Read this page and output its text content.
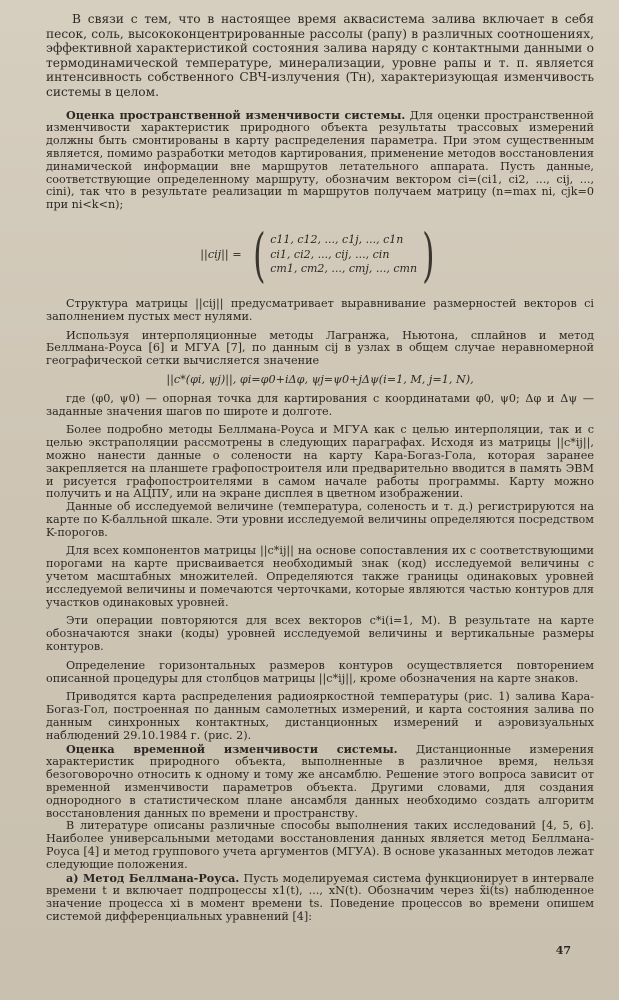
В связи с тем, что в настоящее время аквасистема залива включает в себя песок, соль, высококонцентрированные рассолы (рапу) в различных соотношениях, эффективной характеристикой состояния залива наряду с контактными данными о термодинамической температуре, минерализации, уровне рапы и т. п. является интенсивность собственного СВЧ-излучения (Tн), характеризующая изменчивость системы в целом.

Оценка пространственной изменчивости системы. Для оценки пространственной изменчивости характеристик природного объекта результаты трассовых измерений должны быть смонтированы в карту распределения параметра. При этом существенным является, помимо разработки методов картирования, применение методов восстановления динамической информации вне маршрутов летательного аппарата. Пусть данные, соответствующие определенному маршруту, обозначим вектором ci=(ci1, ci2, ..., cij, ..., cini), так что в результате реализации m маршрутов получаем матрицу (n=max ni, cjk=0 при ni<k<n);

||cij|| = ( c11, c12, ..., c1j, ..., c1n
ci1, ci2, ..., cij, ..., cin
cm1, cm2, ..., cmj, ..., cmn )

Структура матрицы ||cij|| предусматривает выравнивание размерностей векторов ci заполнением пустых мест нулями.

Используя интерполяционные методы Лагранжа, Ньютона, сплайнов и метод Беллмана-Роуса [6] и МГУА [7], по данным cij в узлах в общем случае неравномерной географической сетки вычисляется значение

||c*(φi, ψj)||, φi=φ0+iΔφ, ψj=ψ0+jΔψ(i=1, M, j=1, N),

где (φ0, ψ0) — опорная точка для картирования с координатами φ0, ψ0; Δφ и Δψ — заданные значения шагов по широте и долготе.

Более подробно методы Беллмана-Роуса и МГУА как с целью интерполяции, так и с целью экстраполяции рассмотрены в следующих параграфах. Исходя из матрицы ||c*ij||, можно нанести данные о солености на карту Кара-Богаз-Гола, которая заранее закрепляется на планшете графопостроителя или предварительно вводится в память ЭВМ и рисуется графопостроителями в самом начале работы программы. Карту можно получить и на АЦПУ, или на экране дисплея в цветном изображении.

Данные об исследуемой величине (температура, соленость и т. д.) регистрируются на карте по K-балльной шкале. Эти уровни исследуемой величины определяются посредством K-порогов.

Для всех компонентов матрицы ||c*ij|| на основе сопоставления их с соответствующими порогами на карте присваивается необходимый знак (код) исследуемой величины с учетом масштабных множителей. Определяются также границы одинаковых уровней исследуемой величины и помечаются черточками, которые являются частью контуров для участков одинаковых уровней.

Эти операции повторяются для всех векторов c*i(i=1, M). В результате на карте обозначаются знаки (коды) уровней исследуемой величины и вертикальные размеры контуров.

Определение горизонтальных размеров контуров осуществляется повторением описанной процедуры для столбцов матрицы ||c*ij||, кроме обозначения на карте знаков.

Приводятся карта распределения радиояркостной температуры (рис. 1) залива Кара-Богаз-Гол, построенная по данным самолетных измерений, и карта состояния залива по данным синхронных контактных, дистанционных измерений и аэровизуальных наблюдений 29.10.1984 г. (рис. 2).

Оценка временной изменчивости системы. Дистанционные измерения характеристик природного объекта, выполненные в различное время, нельзя безоговорочно относить к одному и тому же ансамблю. Решение этого вопроса зависит от временной изменчивости параметров объекта. Другими словами, для создания однородного в статистическом плане ансамбля данных необходимо создать алгоритм восстановления данных по времени и пространству.

В литературе описаны различные способы выполнения таких исследований [4, 5, 6]. Наиболее универсальными методами восстановления данных является метод Беллмана-Роуса [4] и метод группового учета аргументов (МГУА). В основе указанных методов лежат следующие положения.

а) Метод Беллмана-Роуса. Пусть моделируемая система функционирует в интервале времени t и включает подпроцессы x1(t), ..., xN(t). Обозначим через x̃i(ts) наблюденное значение процесса xi в момент времени ts. Поведение процессов во времени опишем системой дифференциальных уравнений [4]:

47
